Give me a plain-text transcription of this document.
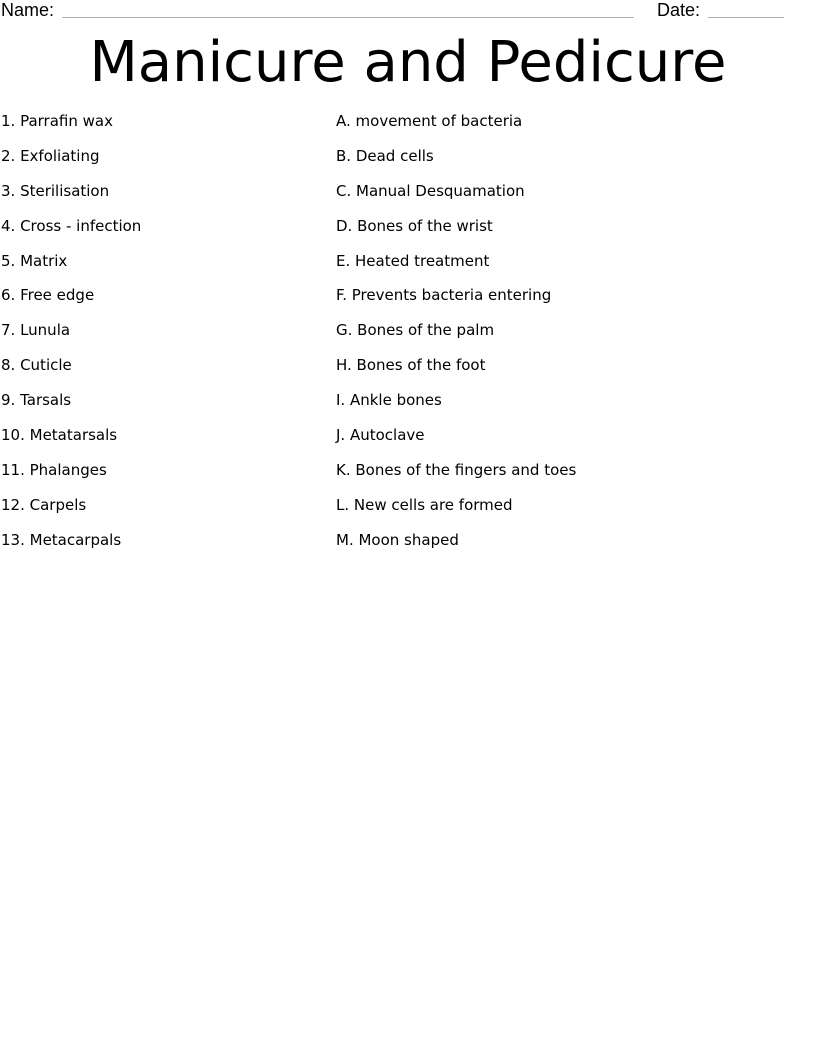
Name:	Date:
Manicure and Pedicure
1. Parrafin wax
2. Exfoliating
3. Sterilisation
4. Cross - infection
5. Matrix
6. Free edge
7. Lunula
8. Cuticle
9. Tarsals
10. Metatarsals
11. Phalanges
12. Carpels
13. Metacarpals
A. movement of bacteria
B. Dead cells
C. Manual Desquamation
D. Bones of the wrist
E. Heated treatment
F. Prevents bacteria entering
G. Bones of the palm
H. Bones of the foot
I. Ankle bones
J. Autoclave
K. Bones of the fingers and toes
L. New cells are formed
M. Moon shaped
